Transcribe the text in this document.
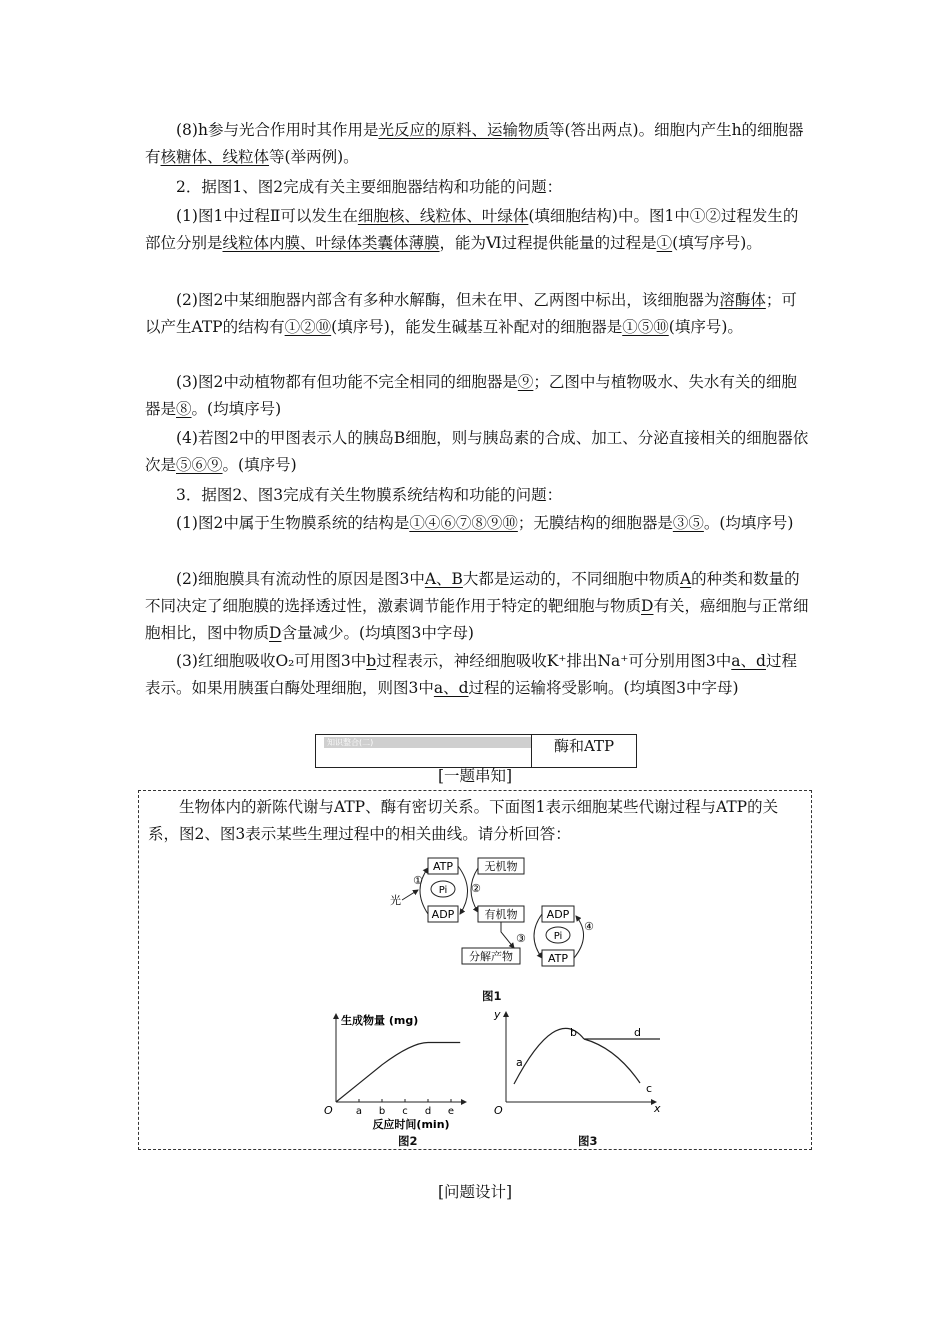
(8)h参与光合作用时其作用是光反应的原料、运输物质等(答出两点)。细胞内产生h的细胞器有核糖体、线粒体等(举两例)。
2．据图1、图2完成有关主要细胞器结构和功能的问题：
(1)图1中过程Ⅱ可以发生在细胞核、线粒体、叶绿体(填细胞结构)中。图1中①②过程发生的部位分别是线粒体内膜、叶绿体类囊体薄膜，能为Ⅵ过程提供能量的过程是①(填写序号)。
(2)图2中某细胞器内部含有多种水解酶，但未在甲、乙两图中标出，该细胞器为溶酶体；可以产生ATP的结构有①②⑩(填序号)，能发生碱基互补配对的细胞器是①⑤⑩(填序号)。
(3)图2中动植物都有但功能不完全相同的细胞器是⑨；乙图中与植物吸水、失水有关的细胞器是⑧。(均填序号)
(4)若图2中的甲图表示人的胰岛B细胞，则与胰岛素的合成、加工、分泌直接相关的细胞器依次是⑤⑥⑨。(填序号)
3．据图2、图3完成有关生物膜系统结构和功能的问题：
(1)图2中属于生物膜系统的结构是①④⑥⑦⑧⑨⑩；无膜结构的细胞器是③⑤。(均填序号)
(2)细胞膜具有流动性的原因是图3中A、B大都是运动的，不同细胞中物质A的种类和数量的不同决定了细胞膜的选择透过性，激素调节能作用于特定的靶细胞与物质D有关，癌细胞与正常细胞相比，图中物质D含量减少。(均填图3中字母)
(3)红细胞吸收O₂可用图3中b过程表示，神经细胞吸收K⁺排出Na⁺可分别用图3中a、d过程表示。如果用胰蛋白酶处理细胞，则图3中a、d过程的运输将受影响。(均填图3中字母)
知识整合(二)	酶和ATP
[一题串知]
生物体内的新陈代谢与ATP、酶有密切关系。下面图1表示细胞某些代谢过程与ATP的关系，图2、图3表示某些生理过程中的相关曲线。请分析回答：
ATP
ADP
Pi
①
光
无机物
有机物
②
ADP
ATP
Pi
④
③
分解产物
图1
生成物量 (mg)
O a b c d e
反应时间(min)
图2
y
x
O
a
b
c
d
图3
[问题设计]
